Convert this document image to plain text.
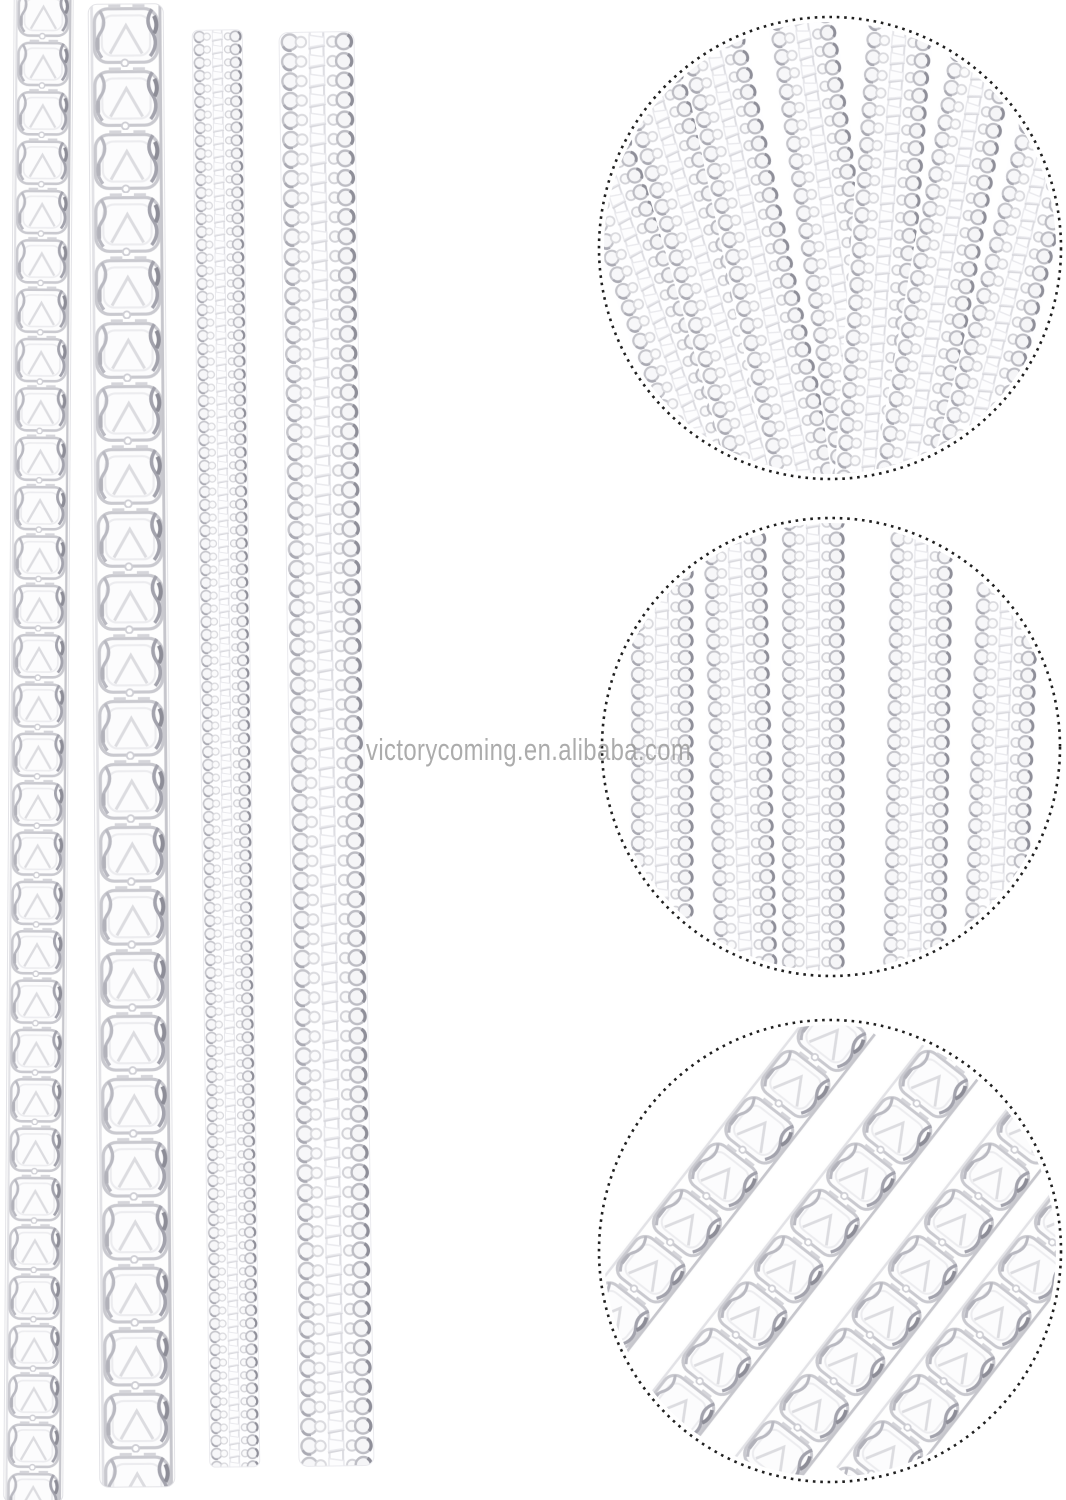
victorycoming.en.alibaba.com
